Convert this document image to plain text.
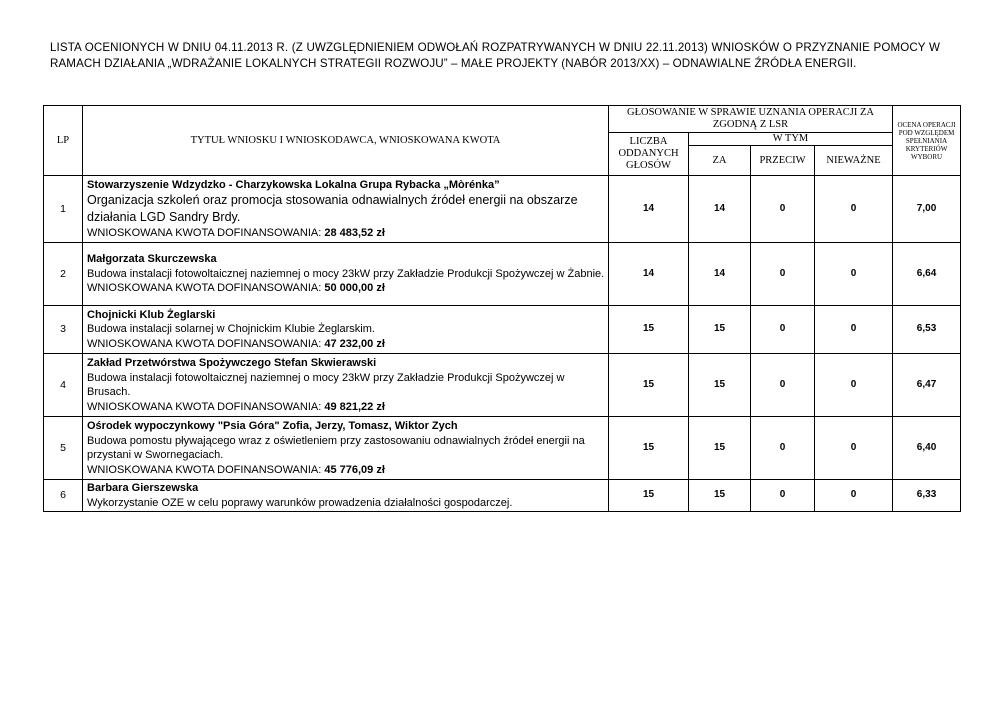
LISTA OCENIONYCH W DNIU 04.11.2013 R. (Z UWZGLĘDNIENIEM ODWOŁAŃ ROZPATRYWANYCH W DNIU 22.11.2013) WNIOSKÓW O PRZYZNANIE POMOCY W RAMACH DZIAŁANIA „WDRAŻANIE LOKALNYCH STRATEGII ROZWOJU” – MAŁE PROJEKTY (NABÓR 2013/XX) – ODNAWIALNE ŹRÓDŁA ENERGII.
LP	TYTUŁ WNIOSKU I WNIOSKODAWCA, WNIOSKOWANA KWOTA	GŁOSOWANIE W SPRAWIE UZNANIA OPERACJI ZA ZGODNĄ Z LSR				OCENA OPERACJI POD WZGLĘDEM SPEŁNIANIA KRYTERIÓW WYBORU
		LICZBA ODDANYCH GŁOSÓW	W TYM			
			ZA	PRZECIW	NIEWAŻNE	
1	Stowarzyszenie Wdzydzko - Charzykowska Lokalna Grupa Rybacka „Mòrénka”
Organizacja szkoleń oraz promocja stosowania odnawialnych źródeł energii na obszarze działania LGD Sandry Brdy.
WNIOSKOWANA KWOTA DOFINANSOWANIA: 28 483,52 zł	14	14	0	0	7,00
2	Małgorzata Skurczewska
Budowa instalacji fotowoltaicznej naziemnej o mocy 23kW przy Zakładzie Produkcji Spożywczej w Żabnie.
WNIOSKOWANA KWOTA DOFINANSOWANIA: 50 000,00 zł	14	14	0	0	6,64
3	Chojnicki Klub Żeglarski
Budowa instalacji solarnej w Chojnickim Klubie Żeglarskim.
WNIOSKOWANA KWOTA DOFINANSOWANIA: 47 232,00 zł	15	15	0	0	6,53
4	Zakład Przetwórstwa Spożywczego Stefan Skwierawski
Budowa instalacji fotowoltaicznej naziemnej o mocy 23kW przy Zakładzie Produkcji Spożywczej w Brusach.
WNIOSKOWANA KWOTA DOFINANSOWANIA: 49 821,22 zł	15	15	0	0	6,47
5	Ośrodek wypoczynkowy "Psia Góra" Zofia, Jerzy, Tomasz, Wiktor Zych
Budowa pomostu pływającego wraz z oświetleniem przy zastosowaniu odnawialnych źródeł energii na przystani w Swornegaciach.
WNIOSKOWANA KWOTA DOFINANSOWANIA: 45 776,09 zł	15	15	0	0	6,40
6	Barbara Gierszewska
Wykorzystanie OZE w celu poprawy warunków prowadzenia działalności gospodarczej.	15	15	0	0	6,33
